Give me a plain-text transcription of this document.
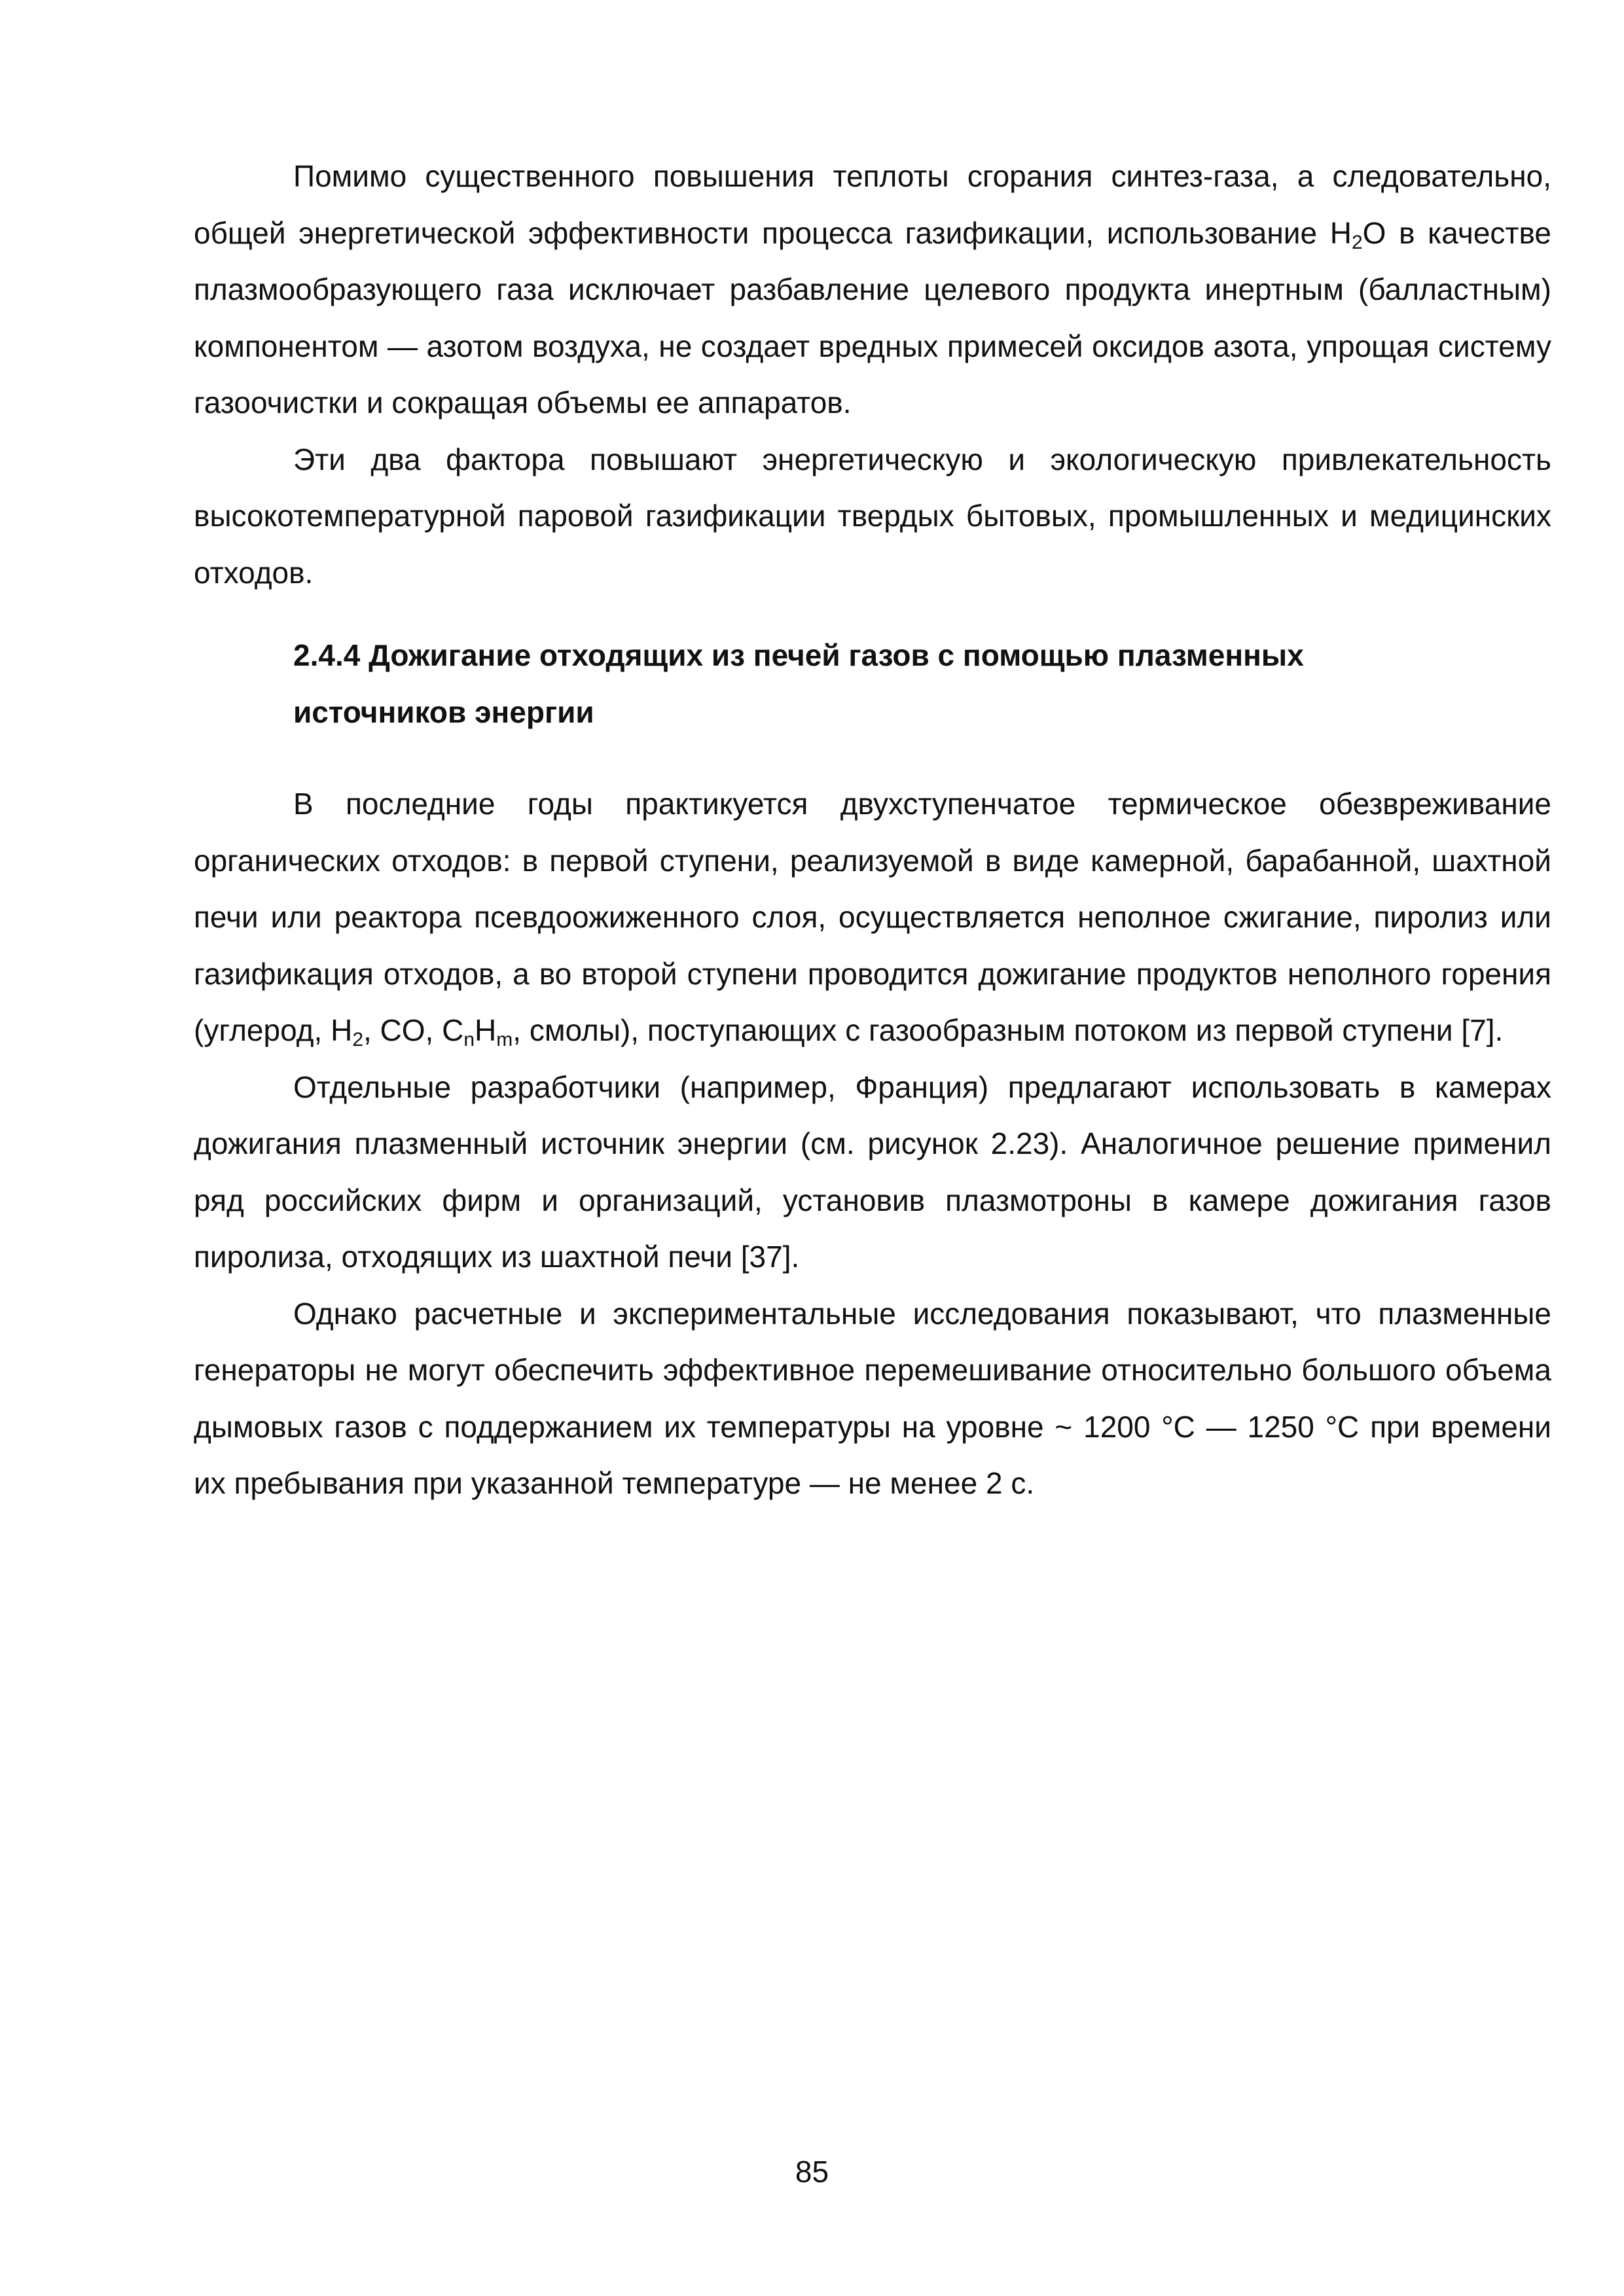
Помимо существенного повышения теплоты сгорания синтез-газа, а следовательно, общей энергетической эффективности процесса газификации, использование $H_2O$ в качестве плазмообразующего газа исключает разбавление целевого продукта инертным (балластным) компонентом — азотом воздуха, не создает вредных примесей оксидов азота, упрощая систему газоочистки и сокращая объемы ее аппаратов.

Эти два фактора повышают энергетическую и экологическую привлекательность высокотемпературной паровой газификации твердых бытовых, промышленных и медицинских отходов.

2.4.4 Дожигание отходящих из печей газов с помощью плазменных источников энергии

В последние годы практикуется двухступенчатое термическое обезвреживание органических отходов: в первой ступени, реализуемой в виде камерной, барабанной, шахтной печи или реактора псевдоожиженного слоя, осуществляется неполное сжигание, пиролиз или газификация отходов, а во второй ступени проводится дожигание продуктов неполного горения (углерод, $H_2$, CO, $C_nH_m$, смолы), поступающих с газообразным потоком из первой ступени [7].

Отдельные разработчики (например, Франция) предлагают использовать в камерах дожигания плазменный источник энергии (см. рисунок 2.23). Аналогичное решение применил ряд российских фирм и организаций, установив плазмотроны в камере дожигания газов пиролиза, отходящих из шахтной печи [37].

Однако расчетные и экспериментальные исследования показывают, что плазменные генераторы не могут обеспечить эффективное перемешивание относительно большого объема дымовых газов с поддержанием их температуры на уровне ~ 1200 °С — 1250 °С при времени их пребывания при указанной температуре — не менее 2 с.

85
